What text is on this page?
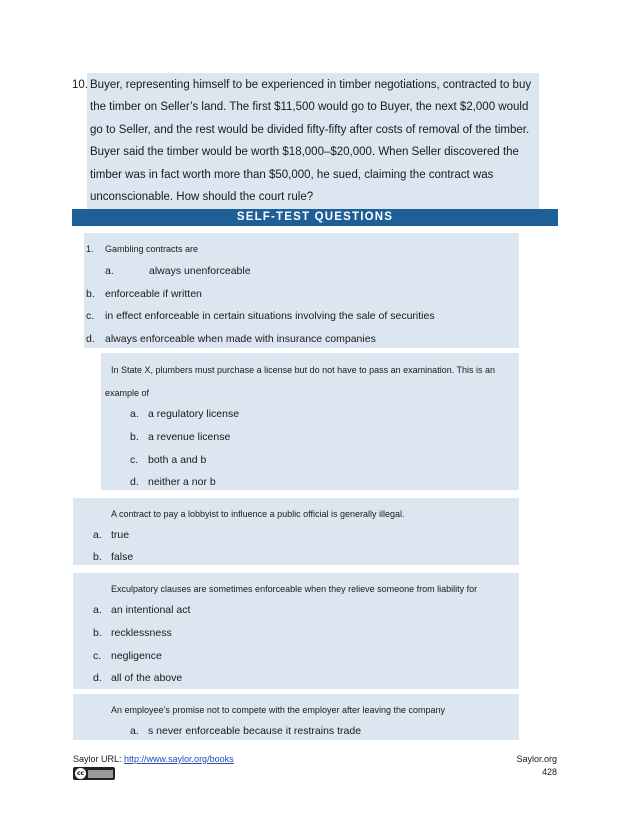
10. Buyer, representing himself to be experienced in timber negotiations, contracted to buy
the timber on Seller’s land. The first $11,500 would go to Buyer, the next $2,000 would
go to Seller, and the rest would be divided fifty-fifty after costs of removal of the timber.
Buyer said the timber would be worth $18,000–$20,000. When Seller discovered the
timber was in fact worth more than $50,000, he sued, claiming the contract was
unconscionable. How should the court rule?
SELF-TEST QUESTIONS
1. Gambling contracts are
a.	always unenforceable
b. enforceable if written
c. in effect enforceable in certain situations involving the sale of securities
d. always enforceable when made with insurance companies
In State X, plumbers must purchase a license but do not have to pass an examination. This is an
example of
a. a regulatory license
b. a revenue license
c. both a and b
d. neither a nor b
A contract to pay a lobbyist to influence a public official is generally illegal.
a. true
b. false
Exculpatory clauses are sometimes enforceable when they relieve someone from liability for
a. an intentional act
b. recklessness
c. negligence
d. all of the above
An employee’s promise not to compete with the employer after leaving the company
a. s never enforceable because it restrains trade
Saylor URL: http://www.saylor.org/books
cc
Saylor.org
428
